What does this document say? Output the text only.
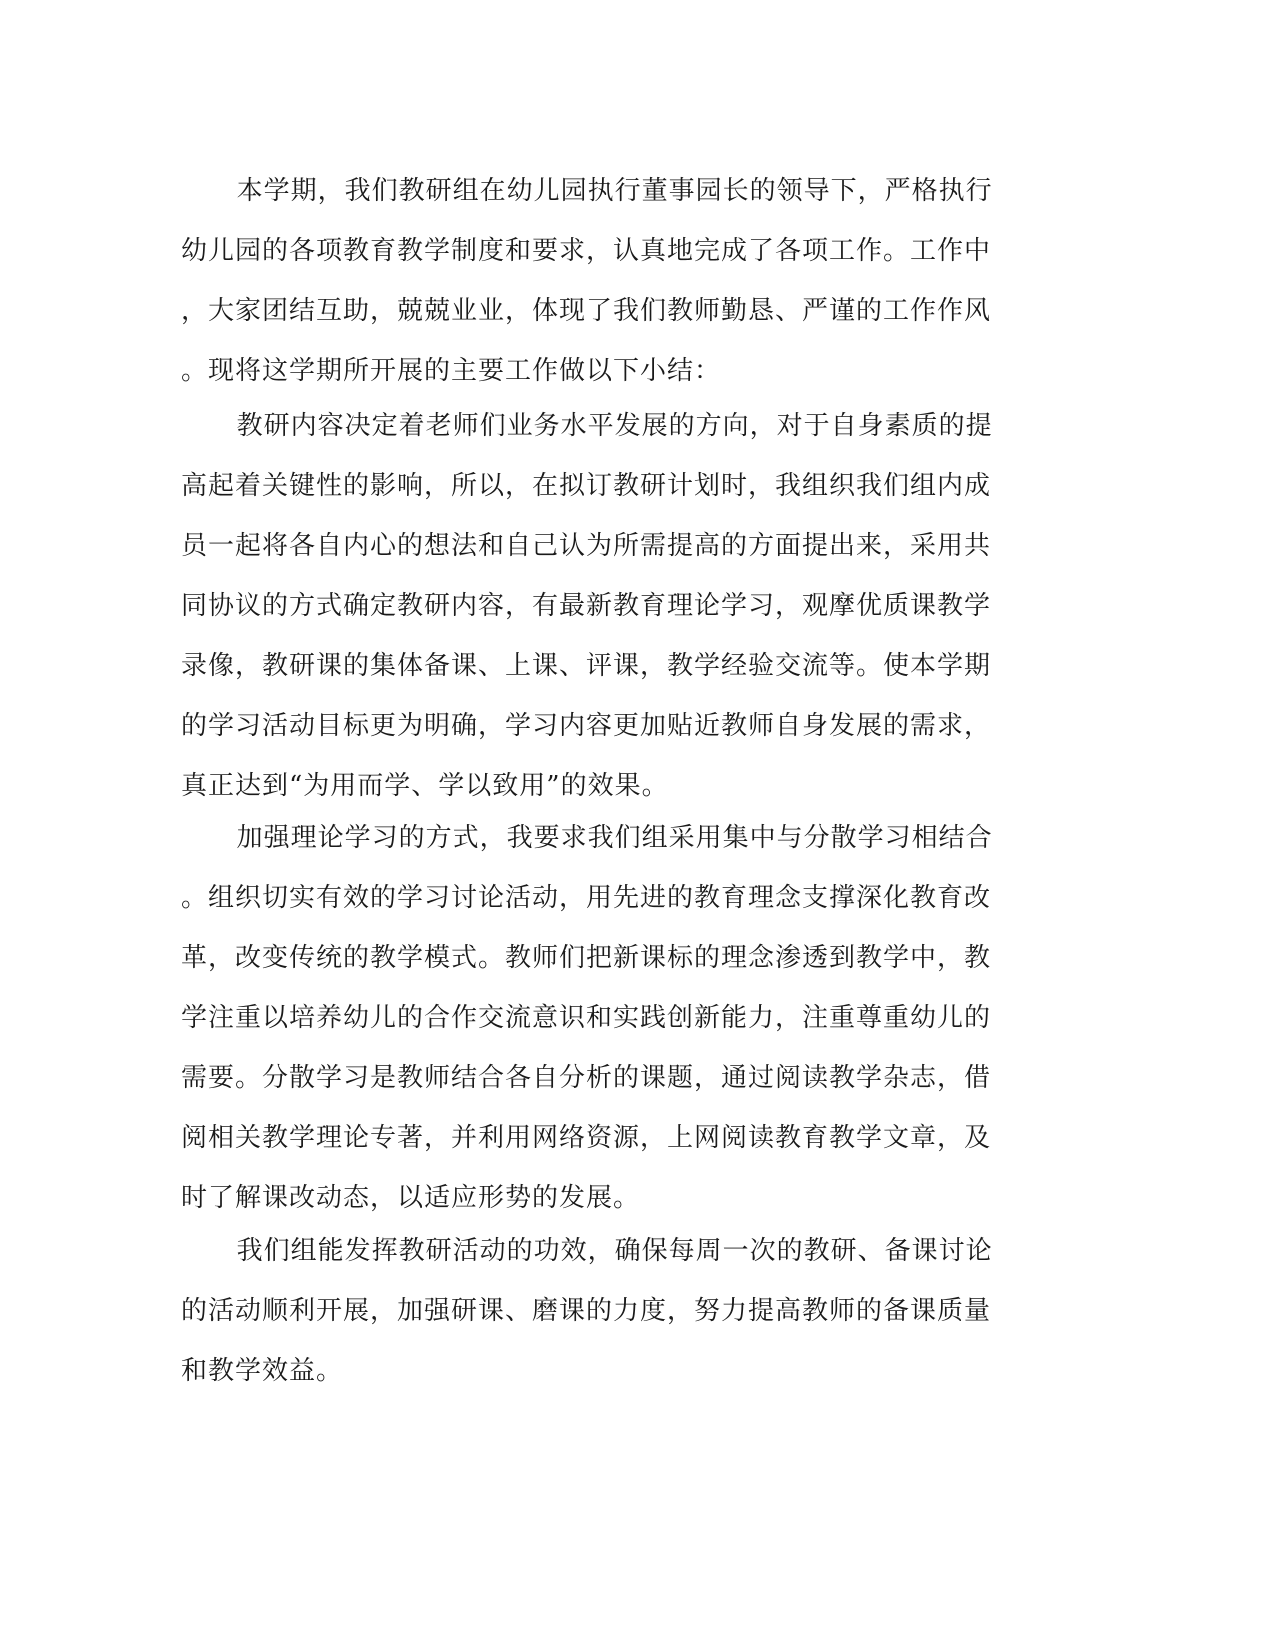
本学期，我们教研组在幼儿园执行董事园长的领导下，严格执行
幼儿园的各项教育教学制度和要求，认真地完成了各项工作。工作中
，大家团结互助，兢兢业业，体现了我们教师勤恳、严谨的工作作风
。现将这学期所开展的主要工作做以下小结：
教研内容决定着老师们业务水平发展的方向，对于自身素质的提
高起着关键性的影响，所以，在拟订教研计划时，我组织我们组内成
员一起将各自内心的想法和自己认为所需提高的方面提出来，采用共
同协议的方式确定教研内容，有最新教育理论学习，观摩优质课教学
录像，教研课的集体备课、上课、评课，教学经验交流等。使本学期
的学习活动目标更为明确，学习内容更加贴近教师自身发展的需求，
真正达到“为用而学、学以致用”的效果。
加强理论学习的方式，我要求我们组采用集中与分散学习相结合
。组织切实有效的学习讨论活动，用先进的教育理念支撑深化教育改
革，改变传统的教学模式。教师们把新课标的理念渗透到教学中，教
学注重以培养幼儿的合作交流意识和实践创新能力，注重尊重幼儿的
需要。分散学习是教师结合各自分析的课题，通过阅读教学杂志，借
阅相关教学理论专著，并利用网络资源，上网阅读教育教学文章，及
时了解课改动态，以适应形势的发展。
我们组能发挥教研活动的功效，确保每周一次的教研、备课讨论
的活动顺利开展，加强研课、磨课的力度，努力提高教师的备课质量
和教学效益。
